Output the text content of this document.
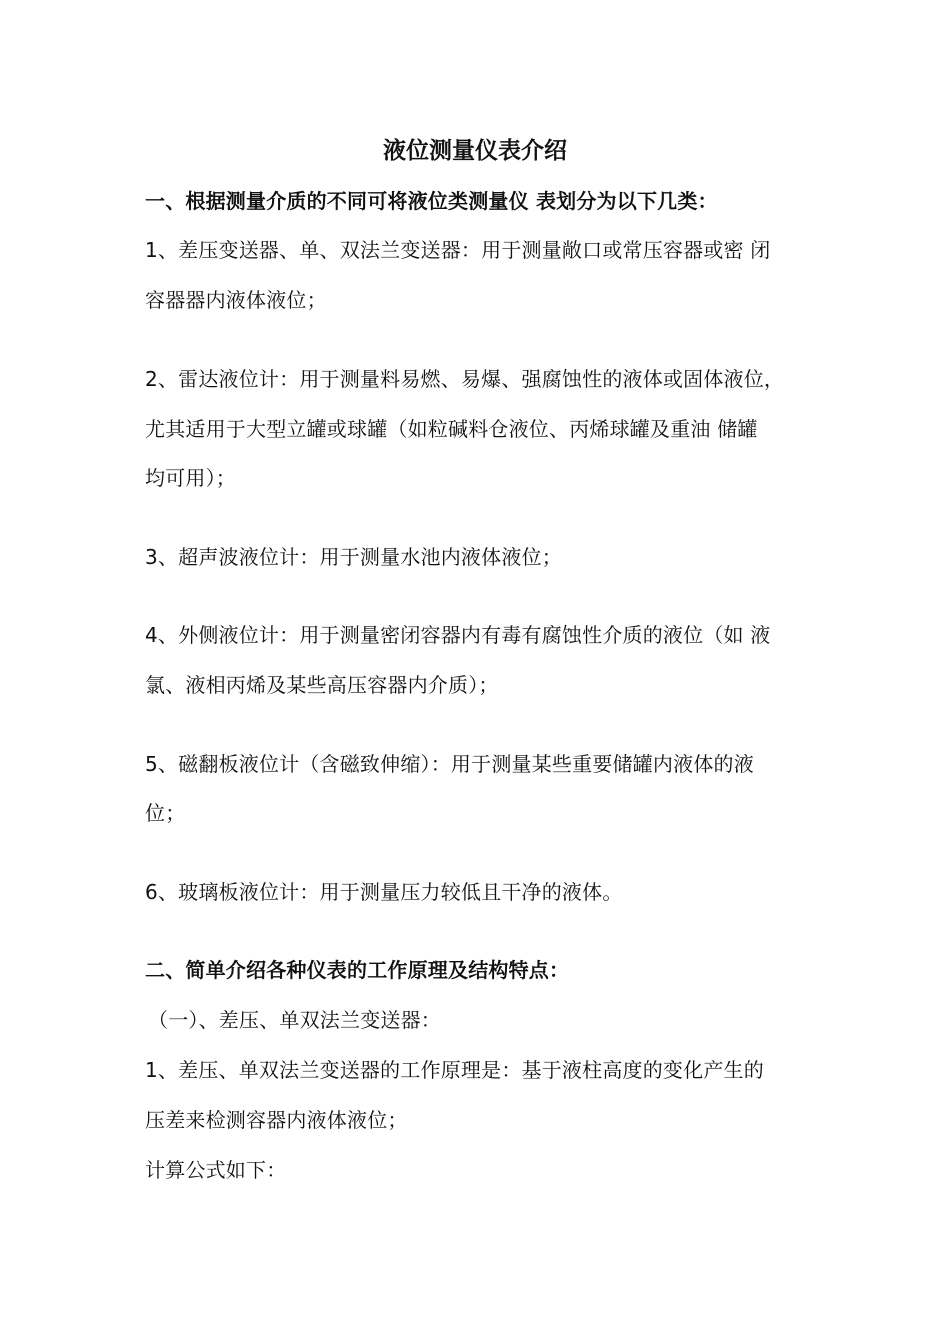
液位测量仪表介绍
一、根据测量介质的不同可将液位类测量仪 表划分为以下几类：
1、差压变送器、单、双法兰变送器：用于测量敞口或常压容器或密 闭
容器器内液体液位；
2、雷达液位计：用于测量料易燃、易爆、强腐蚀性的液体或固体液位，
尤其适用于大型立罐或球罐（如粒碱料仓液位、丙烯球罐及重油 储罐
均可用）；
3、超声波液位计：用于测量水池内液体液位；
4、外侧液位计：用于测量密闭容器内有毒有腐蚀性介质的液位（如 液
氯、液相丙烯及某些高压容器内介质）；
5、磁翻板液位计（含磁致伸缩）：用于测量某些重要储罐内液体的液
位；
6、玻璃板液位计：用于测量压力较低且干净的液体。
二、简单介绍各种仪表的工作原理及结构特点：
（一）、差压、单双法兰变送器：
1、差压、单双法兰变送器的工作原理是：基于液柱高度的变化产生的
压差来检测容器内液体液位；
计算公式如下：
